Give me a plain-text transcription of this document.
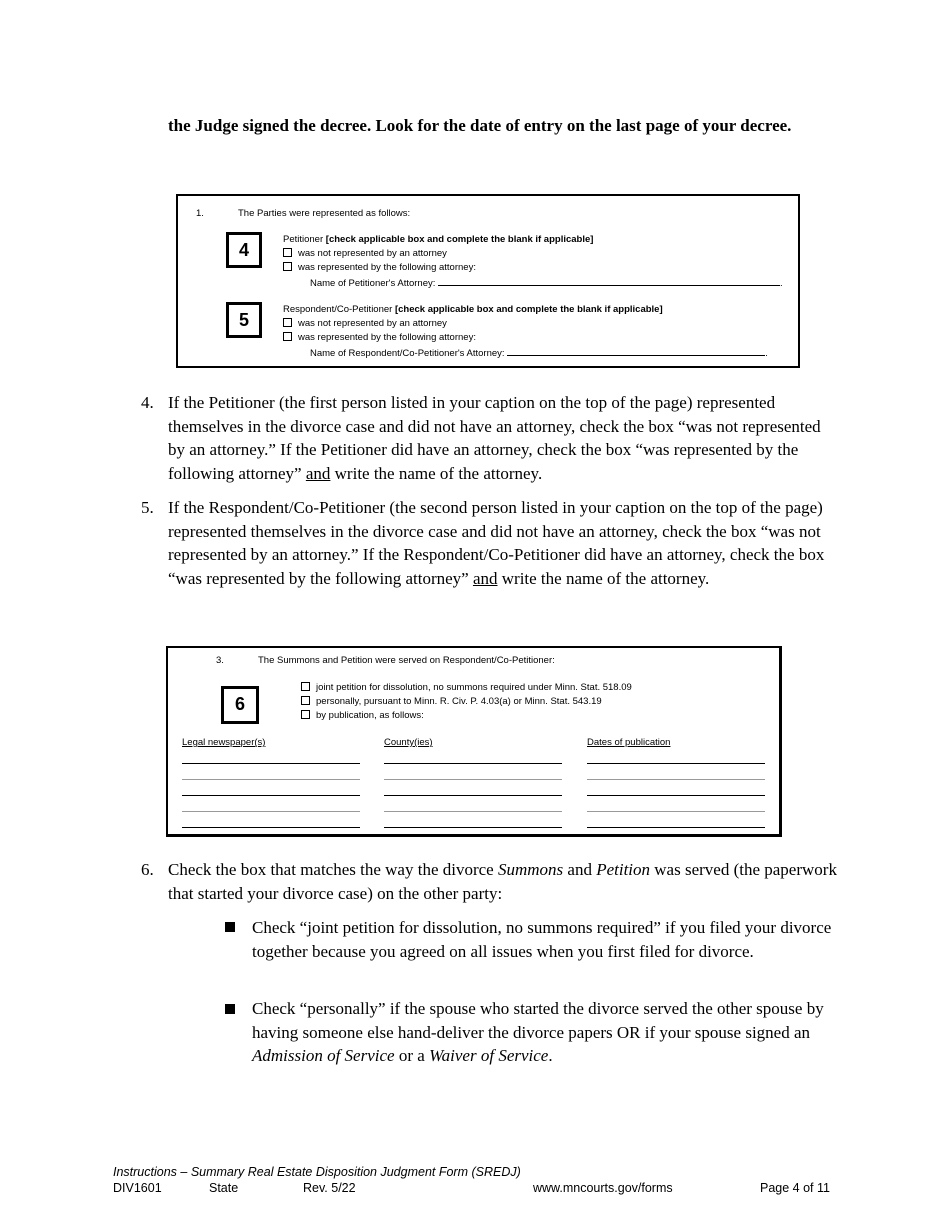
the Judge signed the decree. Look for the date of entry on the last page of your decree.
1.	The Parties were represented as follows:
4
5
Petitioner [check applicable box and complete the blank if applicable]
was not represented by an attorney
was represented by the following attorney:
Name of Petitioner's Attorney:	.
Respondent/Co-Petitioner [check applicable box and complete the blank if applicable]
was not represented by an attorney
was represented by the following attorney:
Name of Respondent/Co-Petitioner's Attorney:	.
4. If the Petitioner (the first person listed in your caption on the top of the page) represented themselves in the divorce case and did not have an attorney, check the box “was not represented by an attorney.” If the Petitioner did have an attorney, check the box “was represented by the following attorney” and write the name of the attorney.
5. If the Respondent/Co-Petitioner (the second person listed in your caption on the top of the page) represented themselves in the divorce case and did not have an attorney, check the box “was not represented by an attorney.” If the Respondent/Co-Petitioner did have an attorney, check the box “was represented by the following attorney” and write the name of the attorney.
3.	The Summons and Petition were served on Respondent/Co-Petitioner:
6
joint petition for dissolution, no summons required under Minn. Stat. 518.09
personally, pursuant to Minn. R. Civ. P. 4.03(a) or Minn. Stat. 543.19
by publication, as follows:
Legal newspaper(s)	County(ies)	Dates of publication
6. Check the box that matches the way the divorce Summons and Petition was served (the paperwork that started your divorce case) on the other party:
Check “joint petition for dissolution, no summons required” if you filed your divorce together because you agreed on all issues when you first filed for divorce.
Check “personally” if the spouse who started the divorce served the other spouse by having someone else hand-deliver the divorce papers OR if your spouse signed an Admission of Service or a Waiver of Service.
Instructions – Summary Real Estate Disposition Judgment Form (SREDJ)
DIV1601	State	Rev. 5/22	www.mncourts.gov/forms	Page 4 of 11
